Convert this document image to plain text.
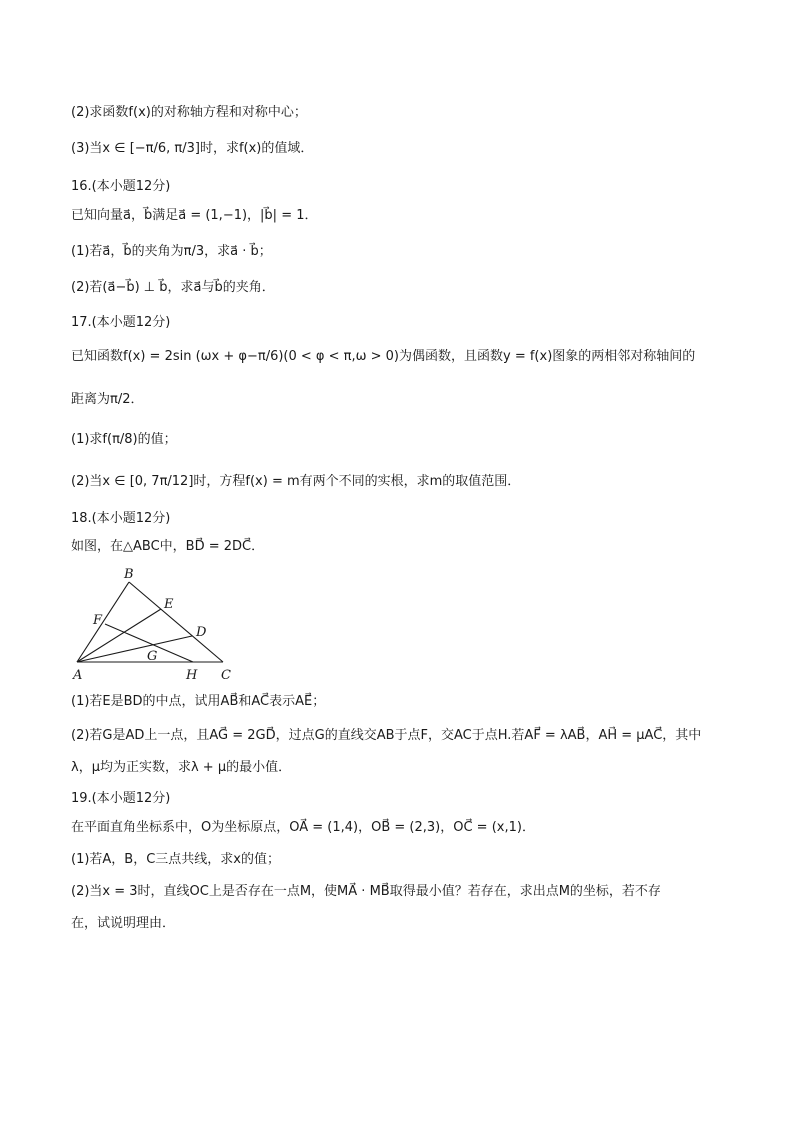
(2)求函数f(x)的对称轴方程和对称中心；
(3)当x ∈ [−π/6, π/3]时，求f(x)的值域．
16.(本小题12分)
已知向量a⃗，b⃗满足a⃗ = (1,−1)，|b⃗| = 1．
(1)若a⃗，b⃗的夹角为π/3，求a⃗ · b⃗；
(2)若(a⃗−b⃗) ⊥ b⃗，求a⃗与b⃗的夹角．
17.(本小题12分)
已知函数f(x) = 2sin (ωx + φ−π/6)(0 < φ < π,ω > 0)为偶函数，且函数y = f(x)图象的两相邻对称轴间的
距离为π/2．
(1)求f(π/8)的值；
(2)当x ∈ [0, 7π/12]时，方程f(x) = m有两个不同的实根，求m的取值范围．
18.(本小题12分)
如图，在△ABC中，BD⃗ = 2DC⃗．
B
E
F
D
G
A	H C
(1)若E是BD的中点，试用AB⃗和AC⃗表示AE⃗；
(2)若G是AD上一点，且AG⃗ = 2GD⃗，过点G的直线交AB于点F，交AC于点H.若AF⃗ = λAB⃗，AH⃗ = μAC⃗，其中
λ，μ均为正实数，求λ + μ的最小值．
19.(本小题12分)
在平面直角坐标系中，O为坐标原点，OA⃗ = (1,4)，OB⃗ = (2,3)，OC⃗ = (x,1)．
(1)若A，B，C三点共线，求x的值；
(2)当x = 3时，直线OC上是否存在一点M，使MA⃗ · MB⃗取得最小值？若存在，求出点M的坐标，若不存
在，试说明理由．
